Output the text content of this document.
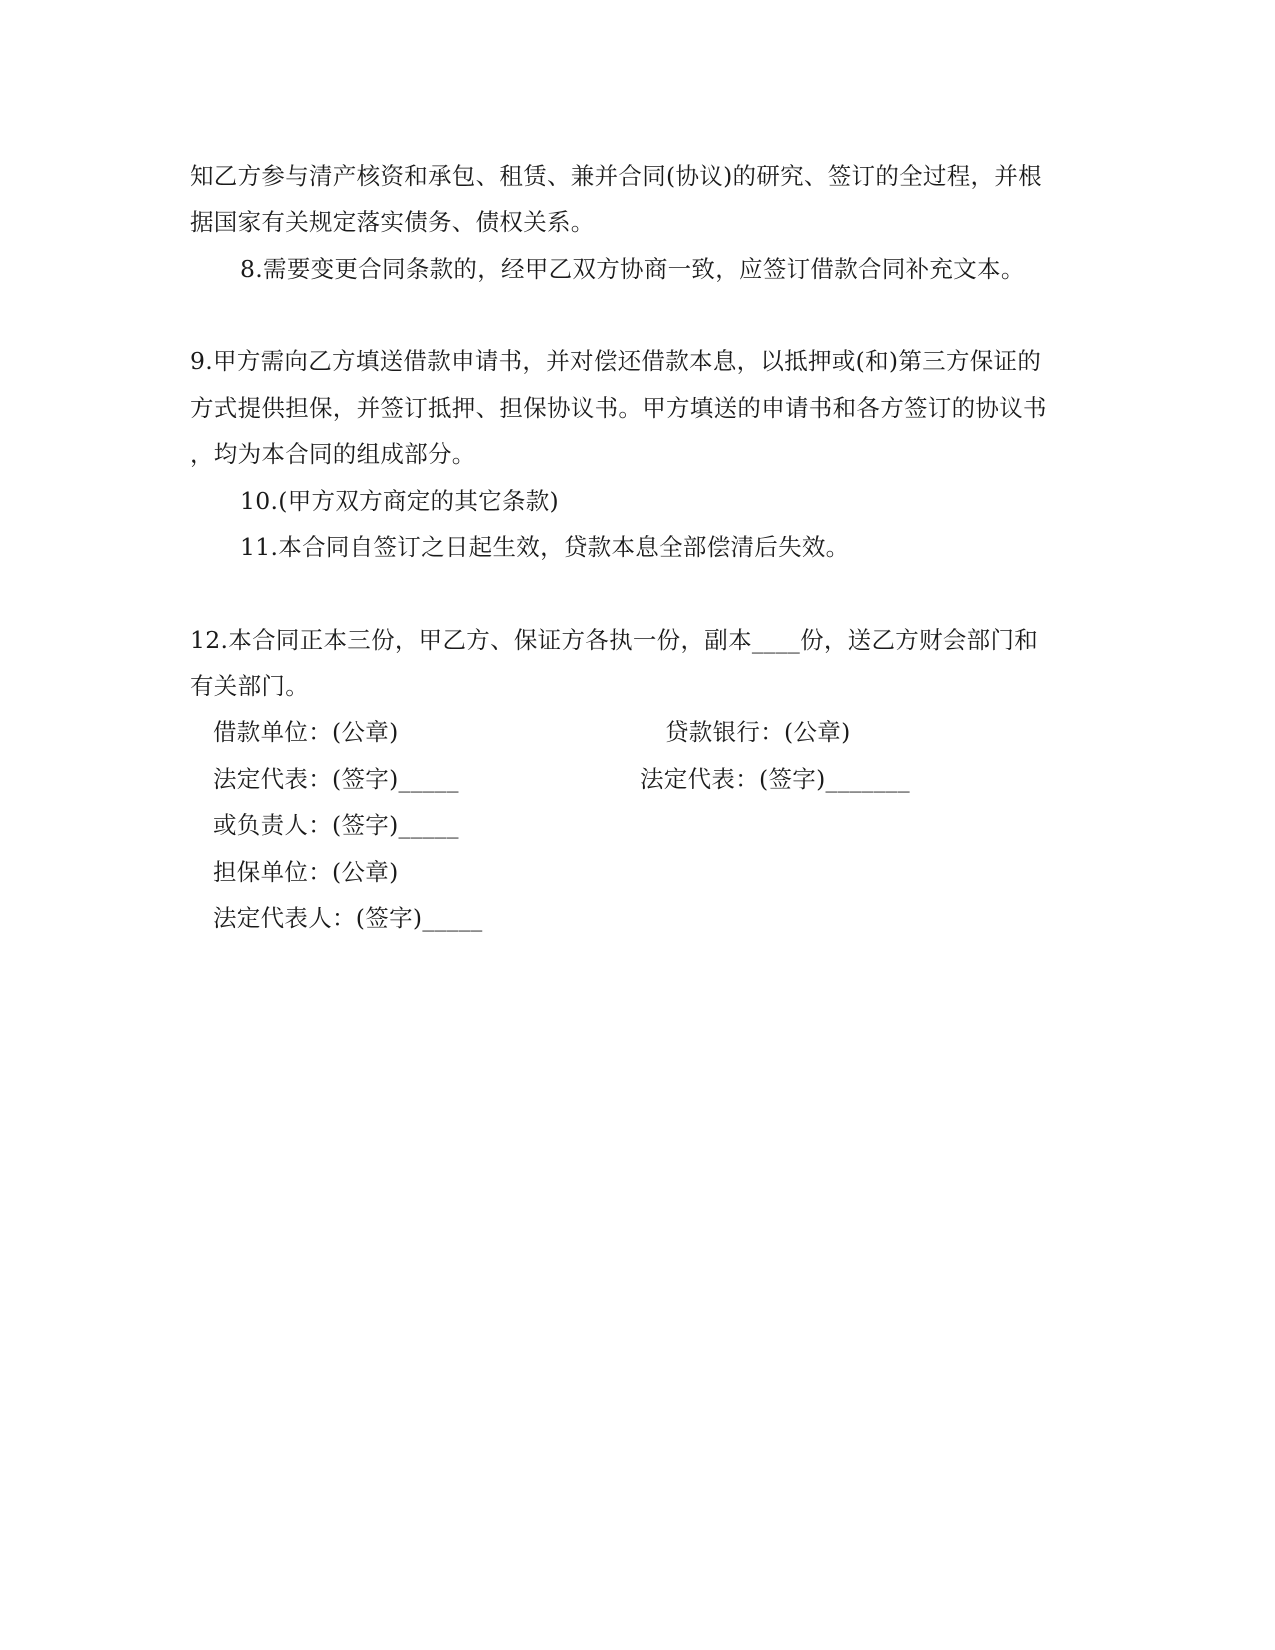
知乙方参与清产核资和承包、租赁、兼并合同(协议)的研究、签订的全过程，并根
据国家有关规定落实债务、债权关系。
8.需要变更合同条款的，经甲乙双方协商一致，应签订借款合同补充文本。
9.甲方需向乙方填送借款申请书，并对偿还借款本息，以抵押或(和)第三方保证的
方式提供担保，并签订抵押、担保协议书。甲方填送的申请书和各方签订的协议书
，均为本合同的组成部分。
10.(甲方双方商定的其它条款)
11.本合同自签订之日起生效，贷款本息全部偿清后失效。
12.本合同正本三份，甲乙方、保证方各执一份，副本____份，送乙方财会部门和
有关部门。
借款单位：(公章)	贷款银行：(公章)
法定代表：(签字)_____	法定代表：(签字)_______
或负责人：(签字)_____
担保单位：(公章)
法定代表人：(签字)_____
